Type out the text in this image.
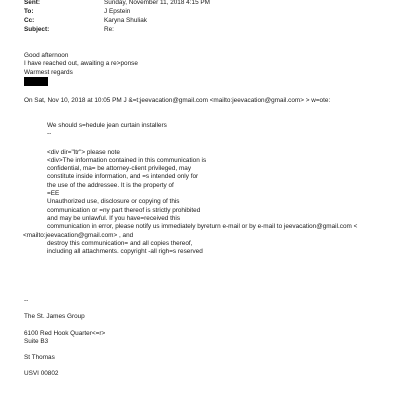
Sent:	Sunday, November 11, 2018 4:15 PM
To:	J Epstein
Cc:	Karyna Shuliak
Subject:	Re:
Good afternoon
I have reached out, awaiting a re>ponse
Warmest regards
On Sat, Nov 10, 2018 at 10:05 PM J &=t;jeevacation@gmail.com <mailto:jeevacation@gmail.com> > w=ote:
We should s=hedule jean curtain installers
--
<div dir="ltr"> please note
<div>The information contained in this communication is
confidential, ma= be attorney-client privileged, may
constitute inside information, and =s intended only for
the use of the addressee. It is the property of
=EE
Unauthorized use, disclosure or copying of this
communication or =ny part thereof is strictly prohibited
and may be unlawful. If you have=received this
communication in error, please notify us immediately byreturn e-mail or by e-mail to jeevacation@gmail.com <
<mailto:jeevacation@gmail.com> , and
destroy this communication= and all copies thereof,
including all attachments. copyright -all righ=s reserved
--
The St. James Group
6100 Red Hook Quarter<=r>
Suite B3
St Thomas
USVI 00802
